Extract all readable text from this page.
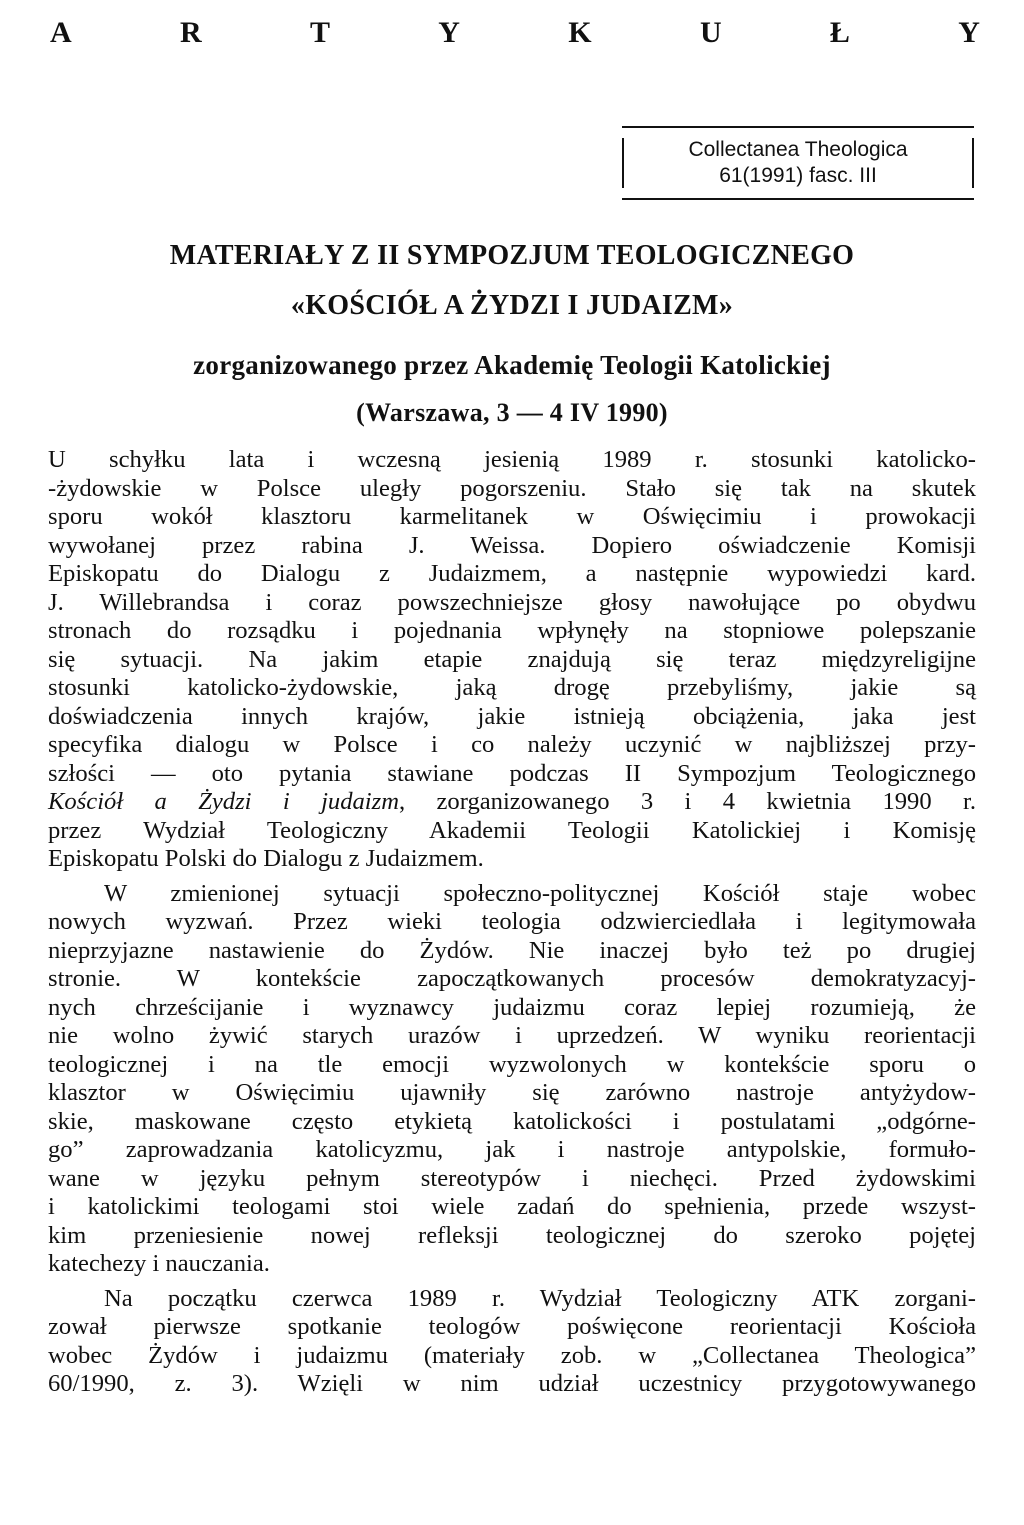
A	R	T	Y	K	U	Ł	Y
Collectanea Theologica
61(1991) fasc. III
MATERIAŁY Z II SYMPOZJUM TEOLOGICZNEGO
«KOŚCIÓŁ A ŻYDZI I JUDAIZM»
zorganizowanego przez Akademię Teologii Katolickiej
(Warszawa, 3 — 4 IV 1990)
U schyłku lata i wczesną jesienią 1989 r. stosunki katolicko-
-żydowskie w Polsce uległy pogorszeniu. Stało się tak na skutek
sporu wokół klasztoru karmelitanek w Oświęcimiu i prowokacji
wywołanej przez rabina J. Weissa. Dopiero oświadczenie Komisji
Episkopatu do Dialogu z Judaizmem, a następnie wypowiedzi kard.
J. Willebrandsa i coraz powszechniejsze głosy nawołujące po obydwu
stronach do rozsądku i pojednania wpłynęły na stopniowe polepszanie
się sytuacji. Na jakim etapie znajdują się teraz międzyreligijne
stosunki katolicko-żydowskie, jaką drogę przebyliśmy, jakie są
doświadczenia innych krajów, jakie istnieją obciążenia, jaka jest
specyfika dialogu w Polsce i co należy uczynić w najbliższej przy-
szłości — oto pytania stawiane podczas II Sympozjum Teologicznego
Kościół a Żydzi i judaizm, zorganizowanego 3 i 4 kwietnia 1990 r.
przez Wydział Teologiczny Akademii Teologii Katolickiej i Komisję
Episkopatu Polski do Dialogu z Judaizmem.
W zmienionej sytuacji społeczno-politycznej Kościół staje wobec
nowych wyzwań. Przez wieki teologia odzwierciedlała i legitymowała
nieprzyjazne nastawienie do Żydów. Nie inaczej było też po drugiej
stronie. W kontekście zapoczątkowanych procesów demokratyzacyj-
nych chrześcijanie i wyznawcy judaizmu coraz lepiej rozumieją, że
nie wolno żywić starych urazów i uprzedzeń. W wyniku reorientacji
teologicznej i na tle emocji wyzwolonych w kontekście sporu o
klasztor w Oświęcimiu ujawniły się zarówno nastroje antyżydow-
skie, maskowane często etykietą katolickości i postulatami „odgórne-
go” zaprowadzania katolicyzmu, jak i nastroje antypolskie, formuło-
wane w języku pełnym stereotypów i niechęci. Przed żydowskimi
i katolickimi teologami stoi wiele zadań do spełnienia, przede wszyst-
kim przeniesienie nowej refleksji teologicznej do szeroko pojętej
katechezy i nauczania.
Na początku czerwca 1989 r. Wydział Teologiczny ATK zorgani-
zował pierwsze spotkanie teologów poświęcone reorientacji Kościoła
wobec Żydów i judaizmu (materiały zob. w „Collectanea Theologica”
60/1990, z. 3). Wzięli w nim udział uczestnicy przygotowywanego
